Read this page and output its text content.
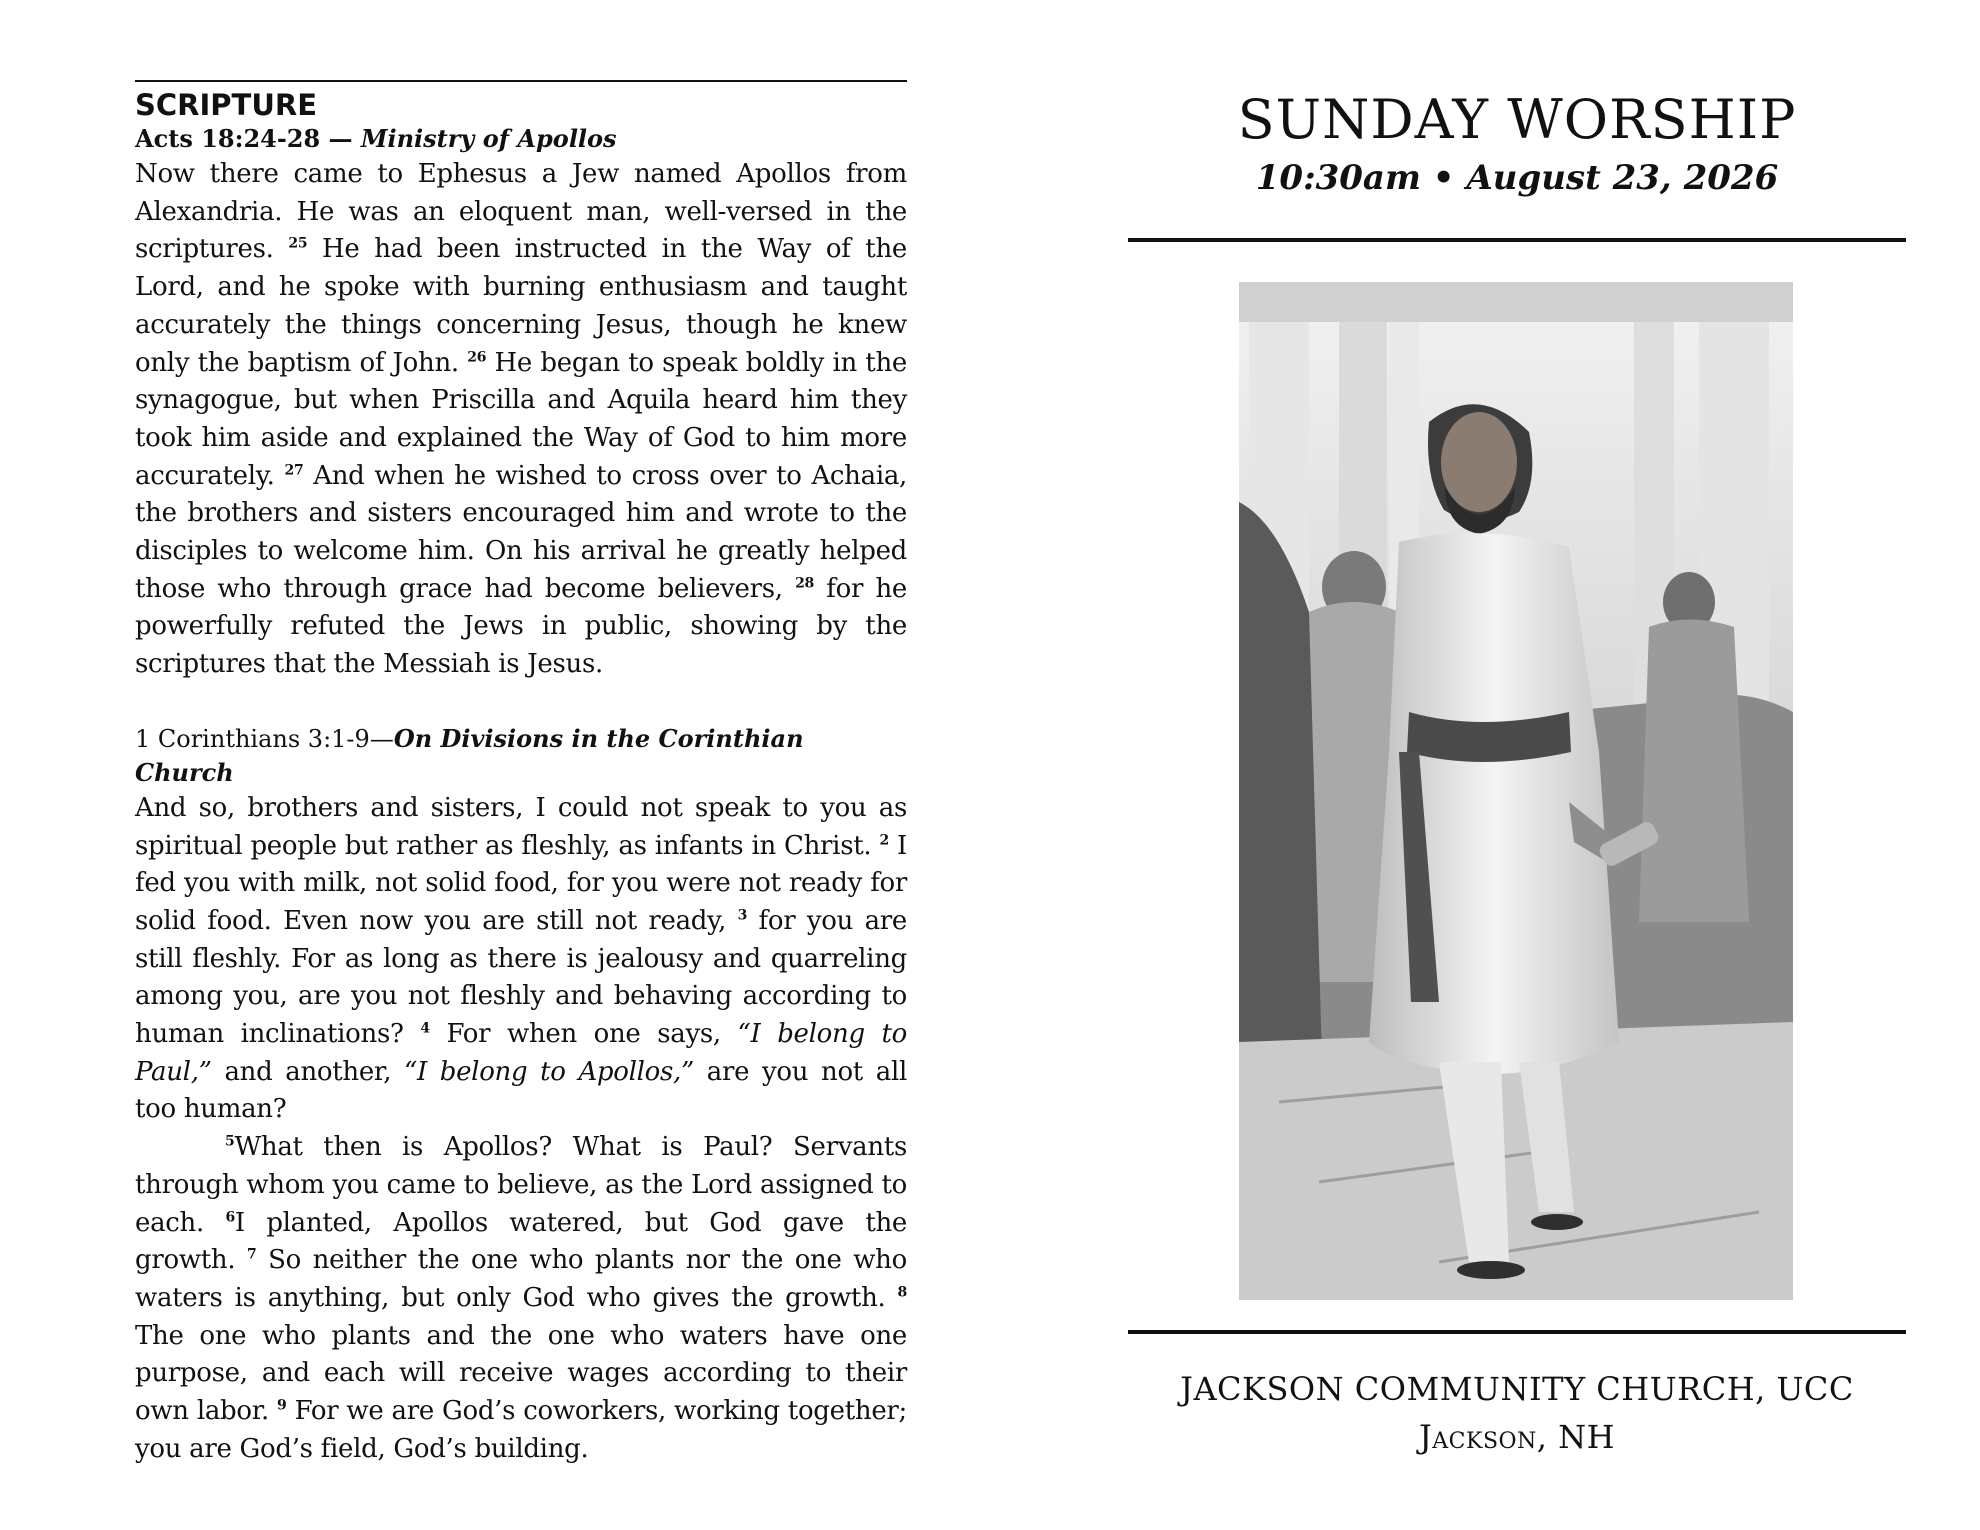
SCRIPTURE
Acts 18:24-28 — Ministry of Apollos

Now there came to Ephesus a Jew named Apollos from Alexandria. He was an eloquent man, well-versed in the scriptures. $^{25}$ He had been instructed in the Way of the Lord, and he spoke with burning enthusiasm and taught accurately the things concerning Jesus, though he knew only the baptism of John. $^{26}$ He began to speak boldly in the synagogue, but when Priscilla and Aquila heard him they took him aside and explained the Way of God to him more accurately. $^{27}$ And when he wished to cross over to Achaia, the brothers and sisters encouraged him and wrote to the disciples to welcome him. On his arrival he greatly helped those who through grace had become believers, $^{28}$ for he powerfully refuted the Jews in public, showing by the scriptures that the Messiah is Jesus.

1 Corinthians 3:1-9—On Divisions in the Corinthian Church

And so, brothers and sisters, I could not speak to you as spiritual people but rather as fleshly, as infants in Christ. $^2$ I fed you with milk, not solid food, for you were not ready for solid food. Even now you are still not ready, $^3$ for you are still fleshly. For as long as there is jealousy and quarreling among you, are you not fleshly and behaving according to human inclinations? $^4$ For when one says, “I belong to Paul,” and another, “I belong to Apollos,” are you not all too human?

$^5$What then is Apollos? What is Paul? Servants through whom you came to believe, as the Lord assigned to each. $^6$I planted, Apollos watered, but God gave the growth. $^7$ So neither the one who plants nor the one who waters is anything, but only God who gives the growth. $^8$ The one who plants and the one who waters have one purpose, and each will receive wages according to their own labor. $^9$ For we are God’s coworkers, working together; you are God’s field, God’s building.

SUNDAY WORSHIP
10:30am • August 23, 2026
JACKSON COMMUNITY CHURCH, UCC
Jackson, NH
